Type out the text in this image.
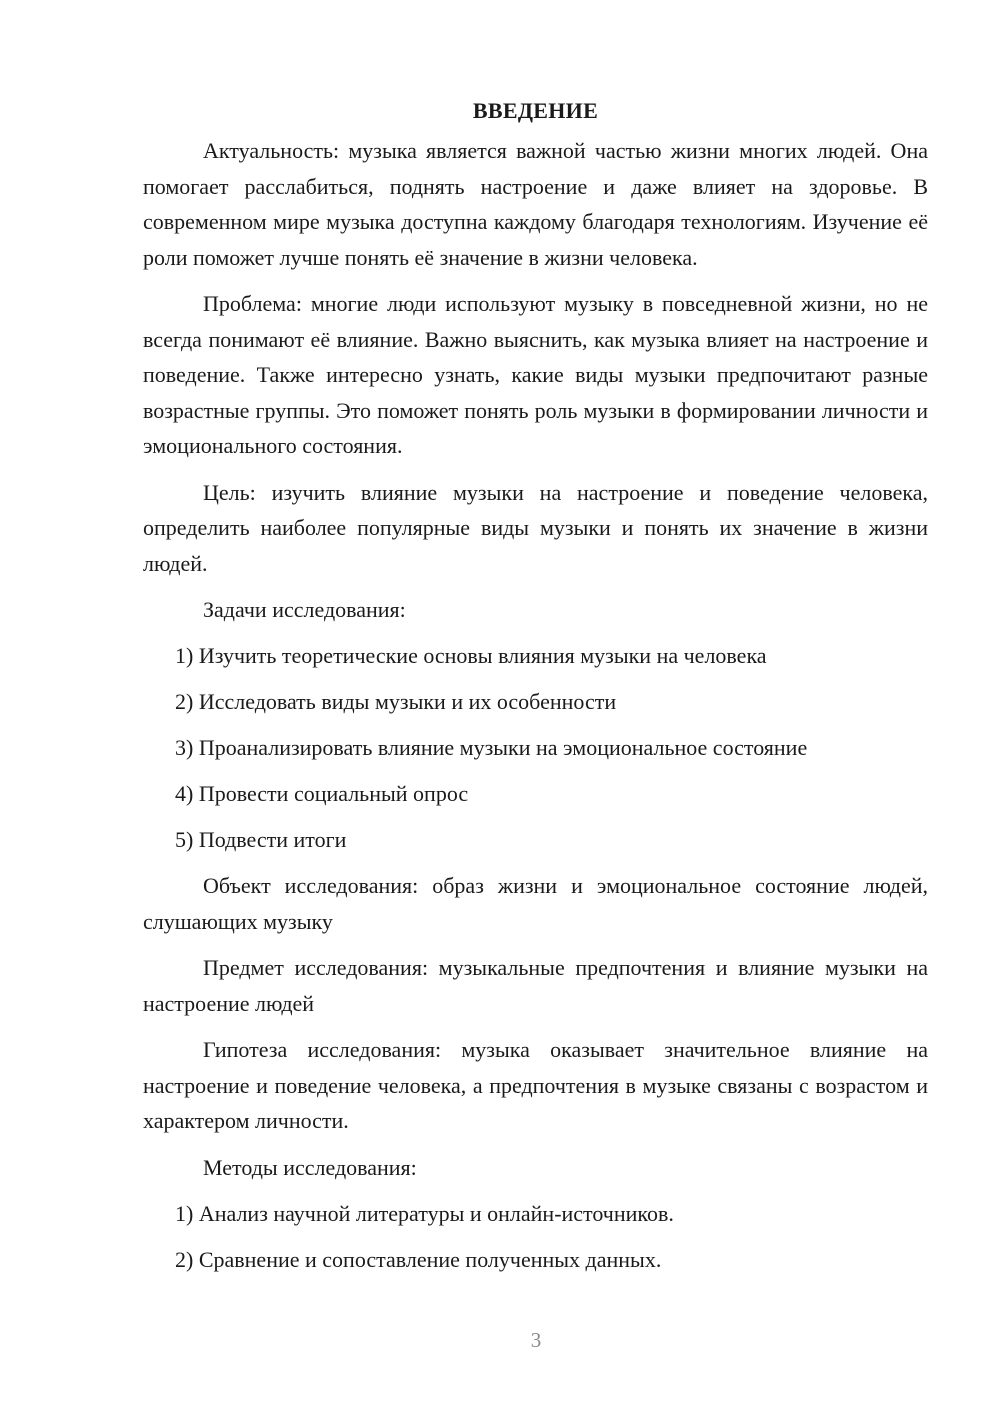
ВВЕДЕНИЕ

Актуальность: музыка является важной частью жизни многих людей. Она помогает расслабиться, поднять настроение и даже влияет на здоровье. В современном мире музыка доступна каждому благодаря технологиям. Изучение её роли поможет лучше понять её значение в жизни человека.

Проблема: многие люди используют музыку в повседневной жизни, но не всегда понимают её влияние. Важно выяснить, как музыка влияет на настроение и поведение. Также интересно узнать, какие виды музыки предпочитают разные возрастные группы. Это поможет понять роль музыки в формировании личности и эмоционального состояния.

Цель: изучить влияние музыки на настроение и поведение человека, определить наиболее популярные виды музыки и понять их значение в жизни людей.

Задачи исследования:
1) Изучить теоретические основы влияния музыки на человека
2) Исследовать виды музыки и их особенности
3) Проанализировать влияние музыки на эмоциональное состояние
4) Провести социальный опрос
5) Подвести итоги

Объект исследования: образ жизни и эмоциональное состояние людей, слушающих музыку

Предмет исследования: музыкальные предпочтения и влияние музыки на настроение людей

Гипотеза исследования: музыка оказывает значительное влияние на настроение и поведение человека, а предпочтения в музыке связаны с возрастом и характером личности.

Методы исследования:
1) Анализ научной литературы и онлайн-источников.
2) Сравнение и сопоставление полученных данных.
3
